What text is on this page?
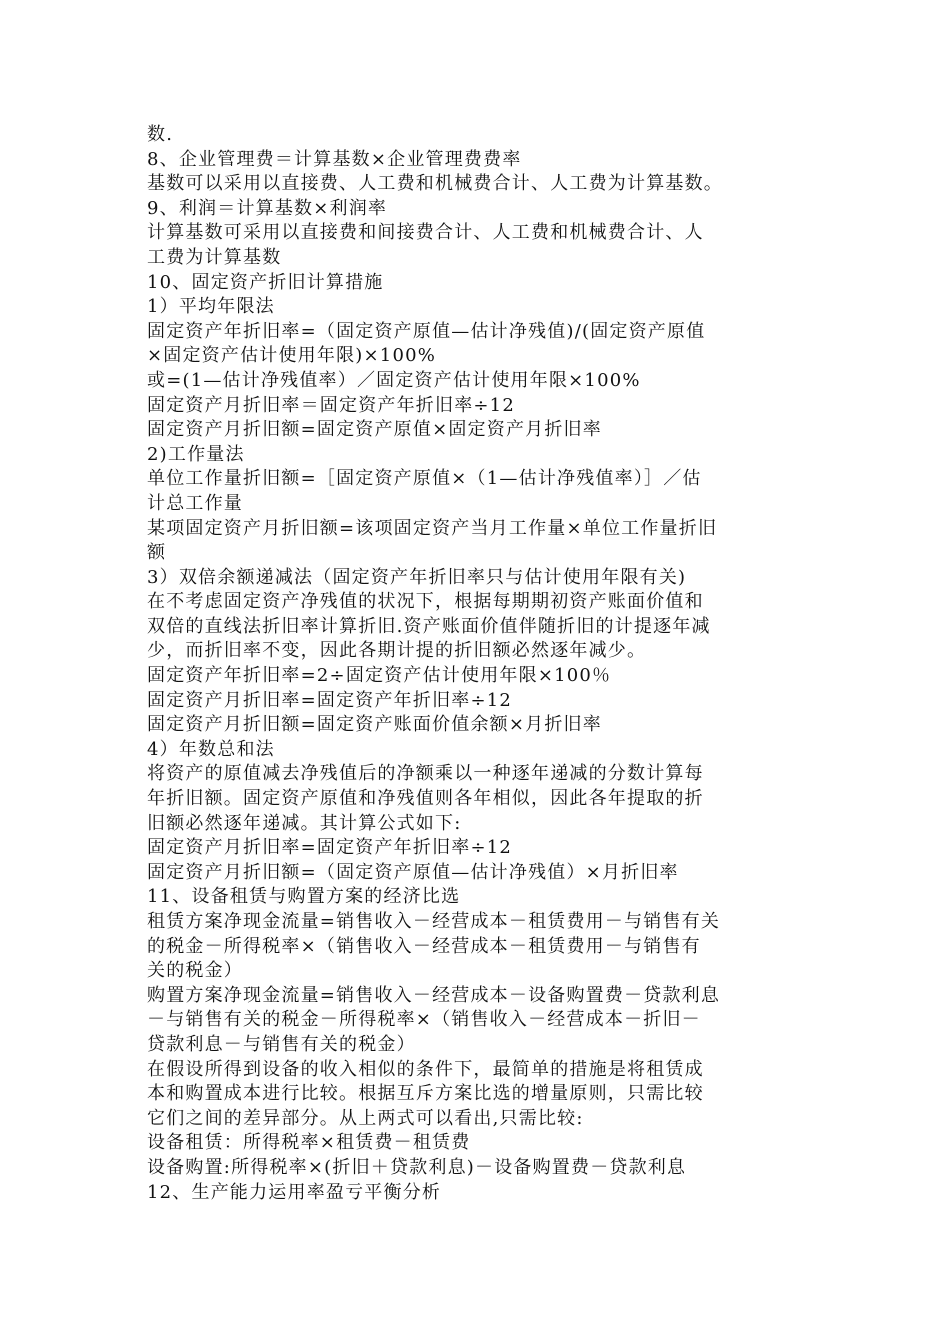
数.
8、企业管理费＝计算基数×企业管理费费率
基数可以采用以直接费、人工费和机械费合计、人工费为计算基数。
9、利润＝计算基数×利润率
计算基数可采用以直接费和间接费合计、人工费和机械费合计、人
工费为计算基数
10、固定资产折旧计算措施
1）平均年限法
固定资产年折旧率=（固定资产原值—估计净残值)/(固定资产原值
×固定资产估计使用年限)×100%
或=(1—估计净残值率）／固定资产估计使用年限×100%
固定资产月折旧率＝固定资产年折旧率÷12
固定资产月折旧额=固定资产原值×固定资产月折旧率
2)工作量法
单位工作量折旧额=［固定资产原值×（1—估计净残值率）］／估
计总工作量
某项固定资产月折旧额=该项固定资产当月工作量×单位工作量折旧
额
3）双倍余额递减法（固定资产年折旧率只与估计使用年限有关)
在不考虑固定资产净残值的状况下，根据每期期初资产账面价值和
双倍的直线法折旧率计算折旧.资产账面价值伴随折旧的计提逐年减
少，而折旧率不变，因此各期计提的折旧额必然逐年减少。
固定资产年折旧率=2÷固定资产估计使用年限×100％
固定资产月折旧率=固定资产年折旧率÷12
固定资产月折旧额=固定资产账面价值余额×月折旧率
4）年数总和法
将资产的原值减去净残值后的净额乘以一种逐年递减的分数计算每
年折旧额。固定资产原值和净残值则各年相似，因此各年提取的折
旧额必然逐年递减。其计算公式如下:
固定资产月折旧率=固定资产年折旧率÷12
固定资产月折旧额=（固定资产原值—估计净残值）×月折旧率
11、设备租赁与购置方案的经济比选
租赁方案净现金流量=销售收入－经营成本－租赁费用－与销售有关
的税金－所得税率×（销售收入－经营成本－租赁费用－与销售有
关的税金）
购置方案净现金流量=销售收入－经营成本－设备购置费－贷款利息
－与销售有关的税金－所得税率×（销售收入－经营成本－折旧－
贷款利息－与销售有关的税金）
在假设所得到设备的收入相似的条件下，最简单的措施是将租赁成
本和购置成本进行比较。根据互斥方案比选的增量原则，只需比较
它们之间的差异部分。从上两式可以看出,只需比较:
设备租赁：所得税率×租赁费－租赁费
设备购置:所得税率×(折旧＋贷款利息)－设备购置费－贷款利息
12、生产能力运用率盈亏平衡分析
